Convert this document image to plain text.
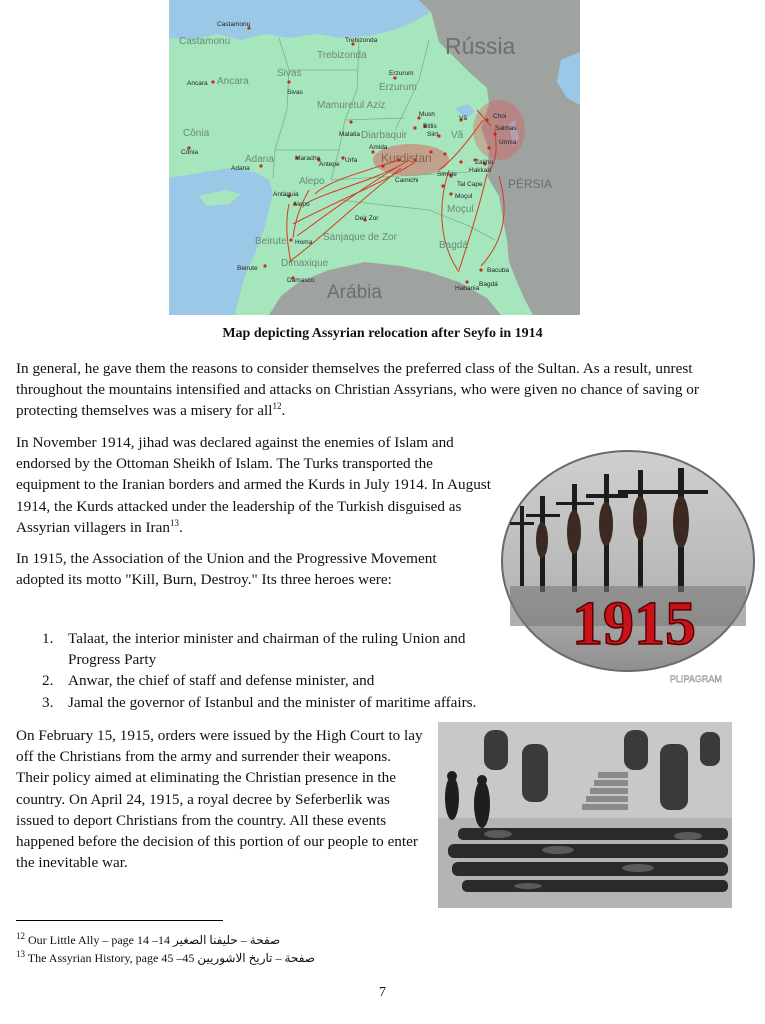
Rússia
PÉRSIA
Arábia
Castamonu
Trebizonda
Erzurum
Sivas
Ancara
Cônia
Mamuretul Aziz
Diarbaquir
Adana
Alepo
Sanjaque de Zor
Beirute
Dimaxique
Moçul
Bagdá
Vã
Kurdistan
Castamonu
Trebizonda
Erzurum
Sivas
Ancara
Cônia
Malatia
Amida
Adana
Alepo
Deir Zor
Beirute
Damasco
Homa
Moçul
Tal Cape
Bagdá
Bacuba
Habania
Vã	Choi
Mush
Bitlis
Siirt
Urfa
Camichi
Antáquia
Marache
Antepe
Simele
Urmia
Salmas
Hakkari
Zakho
Map depicting Assyrian relocation after Seyfo in 1914

In general, he gave them the reasons to consider themselves the preferred class of the Sultan. As a result, unrest throughout the mountains intensified and attacks on Christian Assyrians, who were given no chance of saving or protecting themselves was a misery for all$^{12}$.

In November 1914, jihad was declared against the enemies of Islam and endorsed by the Ottoman Sheikh of Islam. The Turks transported the equipment to the Iranian borders and armed the Kurds in July 1914. In August 1914, the Kurds attacked under the leadership of the Turkish disguised as Assyrian villagers in Iran$^{13}$.

In 1915, the Association of the Union and the Progressive Movement adopted its motto "Kill, Burn, Destroy." Its three heroes were:

1. Talaat, the interior minister and chairman of the ruling Union and Progress Party
2. Anwar, the chief of staff and defense minister, and
3. Jamal the governor of Istanbul and the minister of maritime affairs.
1915
PLIPAGRAM

On February 15, 1915, orders were issued by the High Court to lay off the Christians from the army and surrender their weapons. Their policy aimed at eliminating the Christian presence in the country. On April 24, 1915, a royal decree by Seferberlik was issued to deport Christians from the country. All these events happened before the decision of this portion of our people to enter the inevitable war.

$^{12}$ Our Little Ally – page 14 –14 صفحة – حليفنا الصغير
$^{13}$ The Assyrian History, page 45 –45 صفحة – تاريخ الاشوريين
7
